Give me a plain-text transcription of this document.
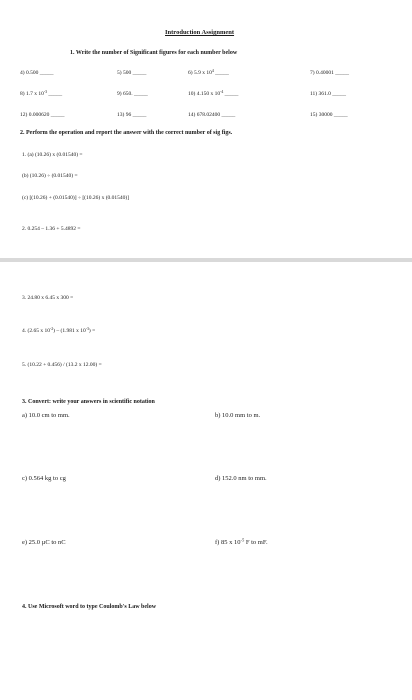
Introduction Assignment
1. Write the number of Significant figures for each number below
4) 0.500 _____	5) 500 _____	6) 5.9 x $10^4$ _____	7) 0.40001 _____
8) 1.7 x $10^{-3}$ _____	9) 650. _____	10) 4.150 x $10^{-4}$ _____	11) 361.0 _____
12) 0.000620 _____	13) 96 _____	14) 678.02400 _____	15) 30000 _____
2. Perform the operation and report the answer with the correct number of sig figs.
1. (a) (10.26) x (0.01540) =
(b) (10.26) ÷ (0.01540) =
(c) [(10.26) + (0.01540)] ÷ [(10.26) x (0.01540)]
2. 0.254 – 1.36 + 5.4892 =
3. 24.80 x 6.45 x 300 =
4. (2.65 x $10^{-2}) - (1.981$ x $10^{-3}$) =
5. (10.22 + 0.456) / (13.2 x 12.00) =
3. Convert: write your answers in scientific notation
a) 10.0 cm to mm.	b) 10.0 mm to m.
c) 0.564 kg to cg	d) 152.0 nm to mm.
e) 25.0 µC to nC	f) 85 x $10^{-5}$ F to mF.
4. Use Microsoft word to type Coulomb's Law below
